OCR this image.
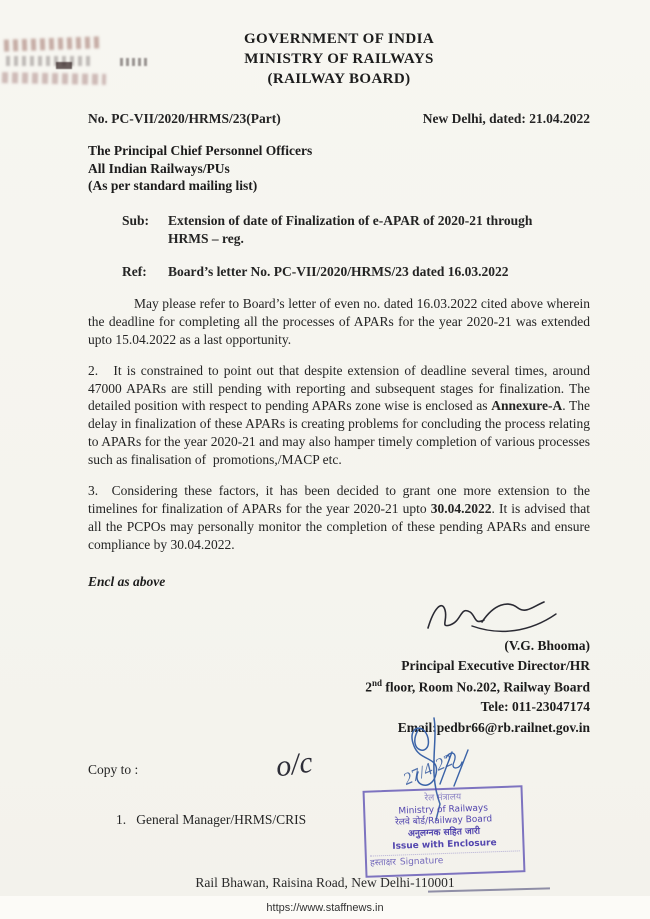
GOVERNMENT OF INDIA
MINISTRY OF RAILWAYS
(RAILWAY BOARD)
No. PC-VII/2020/HRMS/23(Part)	New Delhi, dated: 21.04.2022
The Principal Chief Personnel Officers
All Indian Railways/PUs
(As per standard mailing list)
Sub:	Extension of date of Finalization of e-APAR of 2020-21 through
HRMS – reg.
Ref:	Board’s letter No. PC-VII/2020/HRMS/23 dated 16.03.2022

May please refer to Board’s letter of even no. dated 16.03.2022 cited above wherein the deadline for completing all the processes of APARs for the year 2020-21 was extended upto 15.04.2022 as a last opportunity.

2.   It is constrained to point out that despite extension of deadline several times, around 47000 APARs are still pending with reporting and subsequent stages for finalization. The detailed position with respect to pending APARs zone wise is enclosed as Annexure-A. The delay in finalization of these APARs is creating problems for concluding the process relating to APARs for the year 2020-21 and may also hamper timely completion of various processes such as finalisation of  promotions,/MACP etc.

3.  Considering these factors, it has been decided to grant one more extension to the timelines for finalization of APARs for the year 2020-21 upto 30.04.2022. It is advised that all the PCPOs may personally monitor the completion of these pending APARs and ensure compliance by 30.04.2022.

Encl as above
(V.G. Bhooma)
Principal Executive Director/HR
2nd floor, Room No.202, Railway Board
Tele: 011-23047174
Email:pedbr66@rb.railnet.gov.in
Copy to :
1.   General Manager/HRMS/CRIS
o/c	27/4/22
रेल मंत्रालय
Ministry of Railways
रेलवे बोर्ड/Railway Board
अनुलग्नक सहित जारी
Issue with Enclosure
हस्ताक्षर Signature
Rail Bhawan, Raisina Road, New Delhi-110001
https://www.staffnews.in
